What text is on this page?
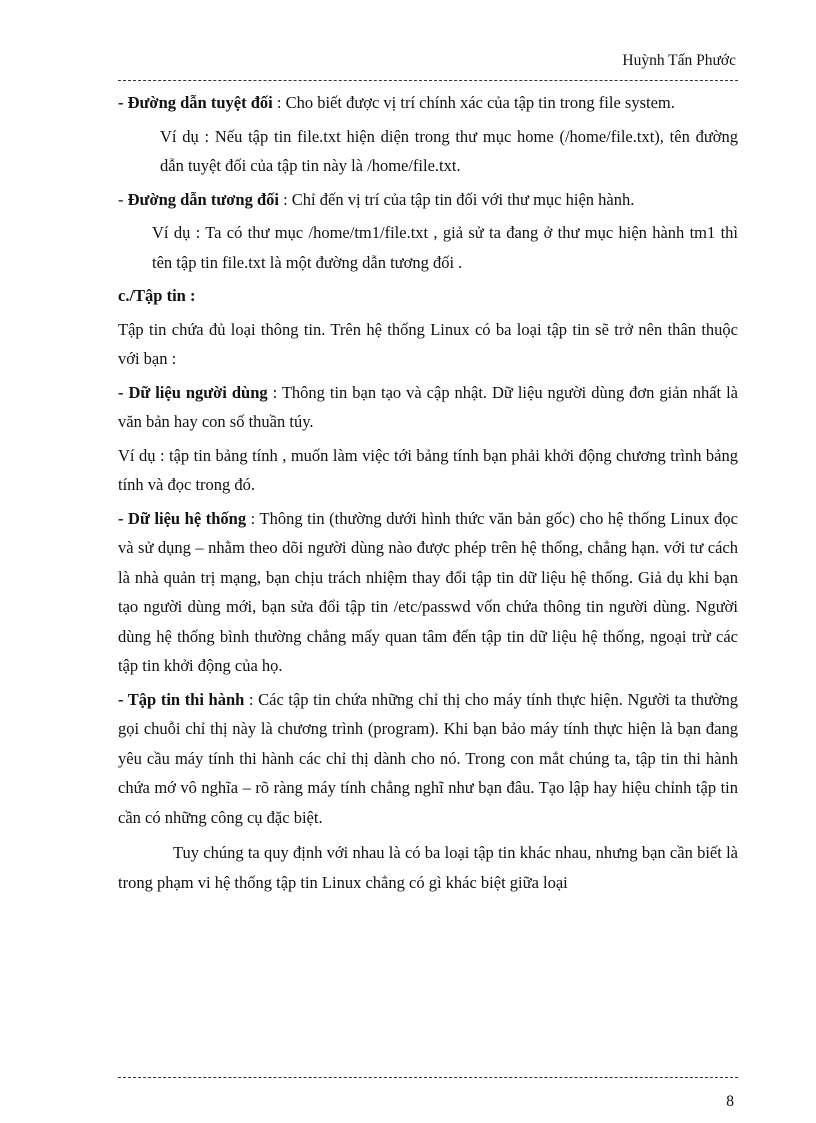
Huỳnh Tấn Phước

- Đường dẫn tuyệt đối : Cho biết được vị trí chính xác của tập tin trong file system.

Ví dụ : Nếu tập tin file.txt hiện diện trong thư mục home (/home/file.txt), tên đường dẫn tuyệt đối của tập tin này là /home/file.txt.

- Đường dẫn tương đối : Chỉ đến vị trí của tập tin đối với thư mục hiện hành.

Ví dụ : Ta có thư mục /home/tm1/file.txt , giả sử ta đang ở thư mục hiện hành tm1 thì tên tập tin file.txt là một đường dẫn tương đối .

c./Tập tin :

Tập tin chứa đủ loại thông tin. Trên hệ thống Linux có ba loại tập tin sẽ trở nên thân thuộc với bạn :

- Dữ liệu người dùng : Thông tin bạn tạo và cập nhật. Dữ liệu người dùng đơn giản nhất là văn bản hay con số thuần túy.

Ví dụ : tập tin bảng tính , muốn làm việc tới bảng tính bạn phải khởi động chương trình bảng tính và đọc trong đó.

- Dữ liệu hệ thống : Thông tin (thường dưới hình thức văn bản gốc) cho hệ thống Linux đọc và sử dụng – nhằm theo dõi người dùng nào được phép trên hệ thống, chẳng hạn. với tư cách là nhà quản trị mạng, bạn chịu trách nhiệm thay đổi tập tin dữ liệu hệ thống. Giả dụ khi bạn tạo người dùng mới, bạn sửa đổi tập tin /etc/passwd vốn chứa thông tin người dùng. Người dùng hệ thống bình thường chẳng mấy quan tâm đến tập tin dữ liệu hệ thống, ngoại trừ các tập tin khởi động của họ.

- Tập tin thi hành : Các tập tin chứa những chỉ thị cho máy tính thực hiện. Người ta thường gọi chuỗi chỉ thị này là chương trình (program). Khi bạn bảo máy tính thực hiện là bạn đang yêu cầu máy tính thi hành các chỉ thị dành cho nó. Trong con mắt chúng ta, tập tin thi hành chứa mớ vô nghĩa – rõ ràng máy tính chẳng nghĩ như bạn đâu. Tạo lập hay hiệu chỉnh tập tin cần có những công cụ đặc biệt.

Tuy chúng ta quy định với nhau là có ba loại tập tin khác nhau, nhưng bạn cần biết là trong phạm vi hệ thống tập tin Linux chẳng có gì khác biệt giữa loại

8
